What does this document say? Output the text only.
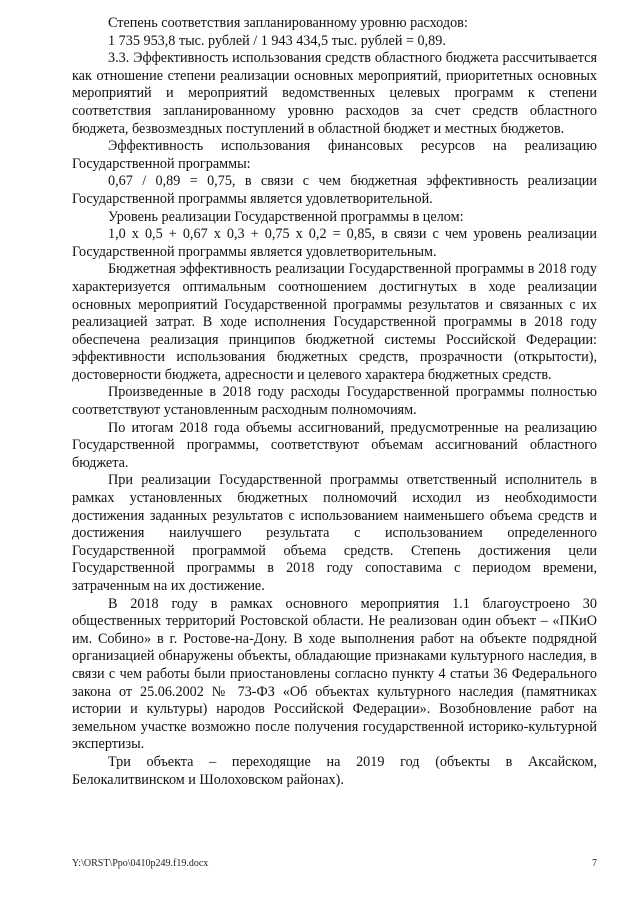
Степень соответствия запланированному уровню расходов:

1 735 953,8 тыс. рублей / 1 943 434,5 тыс. рублей = 0,89.

3.3. Эффективность использования средств областного бюджета рассчитывается как отношение степени реализации основных мероприятий, приоритетных основных мероприятий и мероприятий ведомственных целевых программ к степени соответствия запланированному уровню расходов за счет средств областного бюджета, безвозмездных поступлений в областной бюджет и местных бюджетов.

Эффективность использования финансовых ресурсов на реализацию Государственной программы:

0,67 / 0,89 = 0,75, в связи с чем бюджетная эффективность реализации Государственной программы является удовлетворительной.

Уровень реализации Государственной программы в целом:

1,0 х 0,5 + 0,67 х 0,3 + 0,75 х 0,2 = 0,85, в связи с чем уровень реализации Государственной программы является удовлетворительным.

Бюджетная эффективность реализации Государственной программы в 2018 году характеризуется оптимальным соотношением достигнутых в ходе реализации основных мероприятий Государственной программы результатов и связанных с их реализацией затрат. В ходе исполнения Государственной программы в 2018 году обеспечена реализация принципов бюджетной системы Российской Федерации: эффективности использования бюджетных средств, прозрачности (открытости), достоверности бюджета, адресности и целевого характера бюджетных средств.

Произведенные в 2018 году расходы Государственной программы полностью соответствуют установленным расходным полномочиям.

По итогам 2018 года объемы ассигнований, предусмотренные на реализацию Государственной программы, соответствуют объемам ассигнований областного бюджета.

При реализации Государственной программы ответственный исполнитель в рамках установленных бюджетных полномочий исходил из необходимости достижения заданных результатов с использованием наименьшего объема средств и достижения наилучшего результата с использованием определенного Государственной программой объема средств. Степень достижения цели Государственной программы в 2018 году сопоставима с периодом времени, затраченным на их достижение.

В 2018 году в рамках основного мероприятия 1.1 благоустроено 30 общественных территорий Ростовской области. Не реализован один объект – «ПКиО им. Собино» в г. Ростове-на-Дону. В ходе выполнения работ на объекте подрядной организацией обнаружены объекты, обладающие признаками культурного наследия, в связи с чем работы были приостановлены согласно пункту 4 статьи 36 Федерального закона от 25.06.2002 № 73-ФЗ «Об объектах культурного наследия (памятниках истории и культуры) народов Российской Федерации». Возобновление работ на земельном участке возможно после получения государственной историко-культурной экспертизы.

Три объекта – переходящие на 2019 год (объекты в Аксайском, Белокалитвинском и Шолоховском районах).

Y:\ORST\Ppo\0410p249.f19.docx	7
